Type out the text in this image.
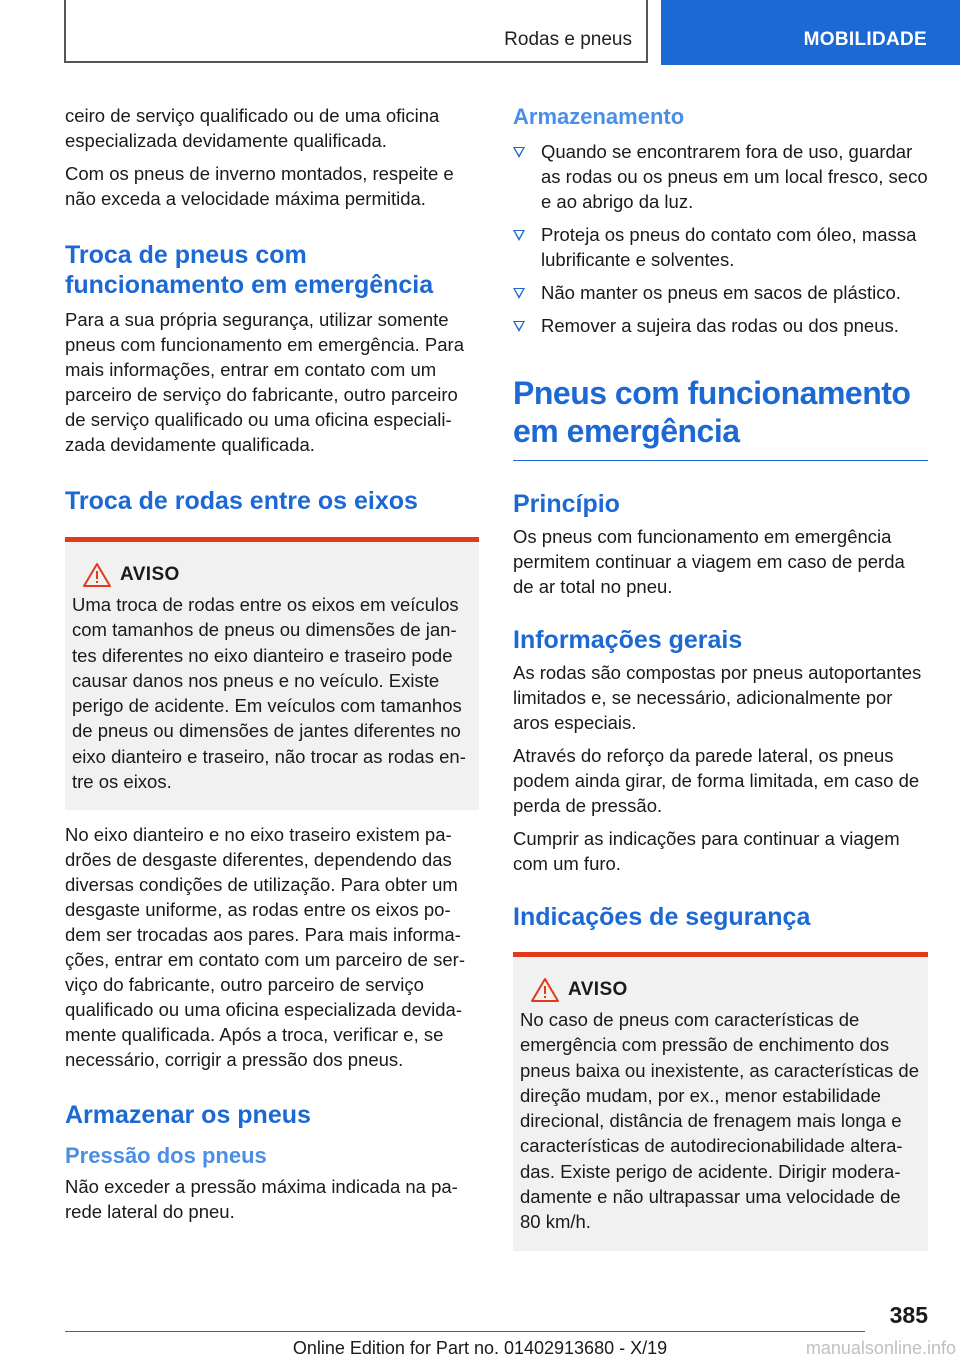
Rodas e pneus	MOBILIDADE

ceiro de serviço qualificado ou de uma oficina especializada devidamente qualificada.

Com os pneus de inverno montados, respeite e não exceda a velocidade máxima permitida.

Troca de pneus com funcionamento em emergência

Para a sua própria segurança, utilizar somente pneus com funcionamento em emergência. Para mais informações, entrar em contato com um parceiro de serviço do fabricante, outro parceiro de serviço qualificado ou uma oficina especializada devidamente qualificada.

Troca de rodas entre os eixos
AVISO

Uma troca de rodas entre os eixos em veículos com tamanhos de pneus ou dimensões de jantes diferentes no eixo dianteiro e traseiro pode causar danos nos pneus e no veículo. Existe perigo de acidente. Em veículos com tamanhos de pneus ou dimensões de jantes diferentes no eixo dianteiro e traseiro, não trocar as rodas entre os eixos.

No eixo dianteiro e no eixo traseiro existem padrões de desgaste diferentes, dependendo das diversas condições de utilização. Para obter um desgaste uniforme, as rodas entre os eixos podem ser trocadas aos pares. Para mais informações, entrar em contato com um parceiro de serviço do fabricante, outro parceiro de serviço qualificado ou uma oficina especializada devidamente qualificada. Após a troca, verificar e, se necessário, corrigir a pressão dos pneus.

Armazenar os pneus
Pressão dos pneus

Não exceder a pressão máxima indicada na parede lateral do pneu.

Armazenamento
Quando se encontrarem fora de uso, guardar as rodas ou os pneus em um local fresco, seco e ao abrigo da luz.
Proteja os pneus do contato com óleo, massa lubrificante e solventes.
Não manter os pneus em sacos de plástico.
Remover a sujeira das rodas ou dos pneus.
Pneus com funcionamento em emergência
Princípio

Os pneus com funcionamento em emergência permitem continuar a viagem em caso de perda de ar total no pneu.

Informações gerais

As rodas são compostas por pneus autoportantes limitados e, se necessário, adicionalmente por aros especiais.

Através do reforço da parede lateral, os pneus podem ainda girar, de forma limitada, em caso de perda de pressão.

Cumprir as indicações para continuar a viagem com um furo.

Indicações de segurança
AVISO

No caso de pneus com características de emergência com pressão de enchimento dos pneus baixa ou inexistente, as características de direção mudam, por ex., menor estabilidade direcional, distância de frenagem mais longa e características de autodirecionabilidade alteradas. Existe perigo de acidente. Dirigir moderadamente e não ultrapassar uma velocidade de 80 km/h.

385
Online Edition for Part no. 01402913680 - X/19	manualsonline.info
